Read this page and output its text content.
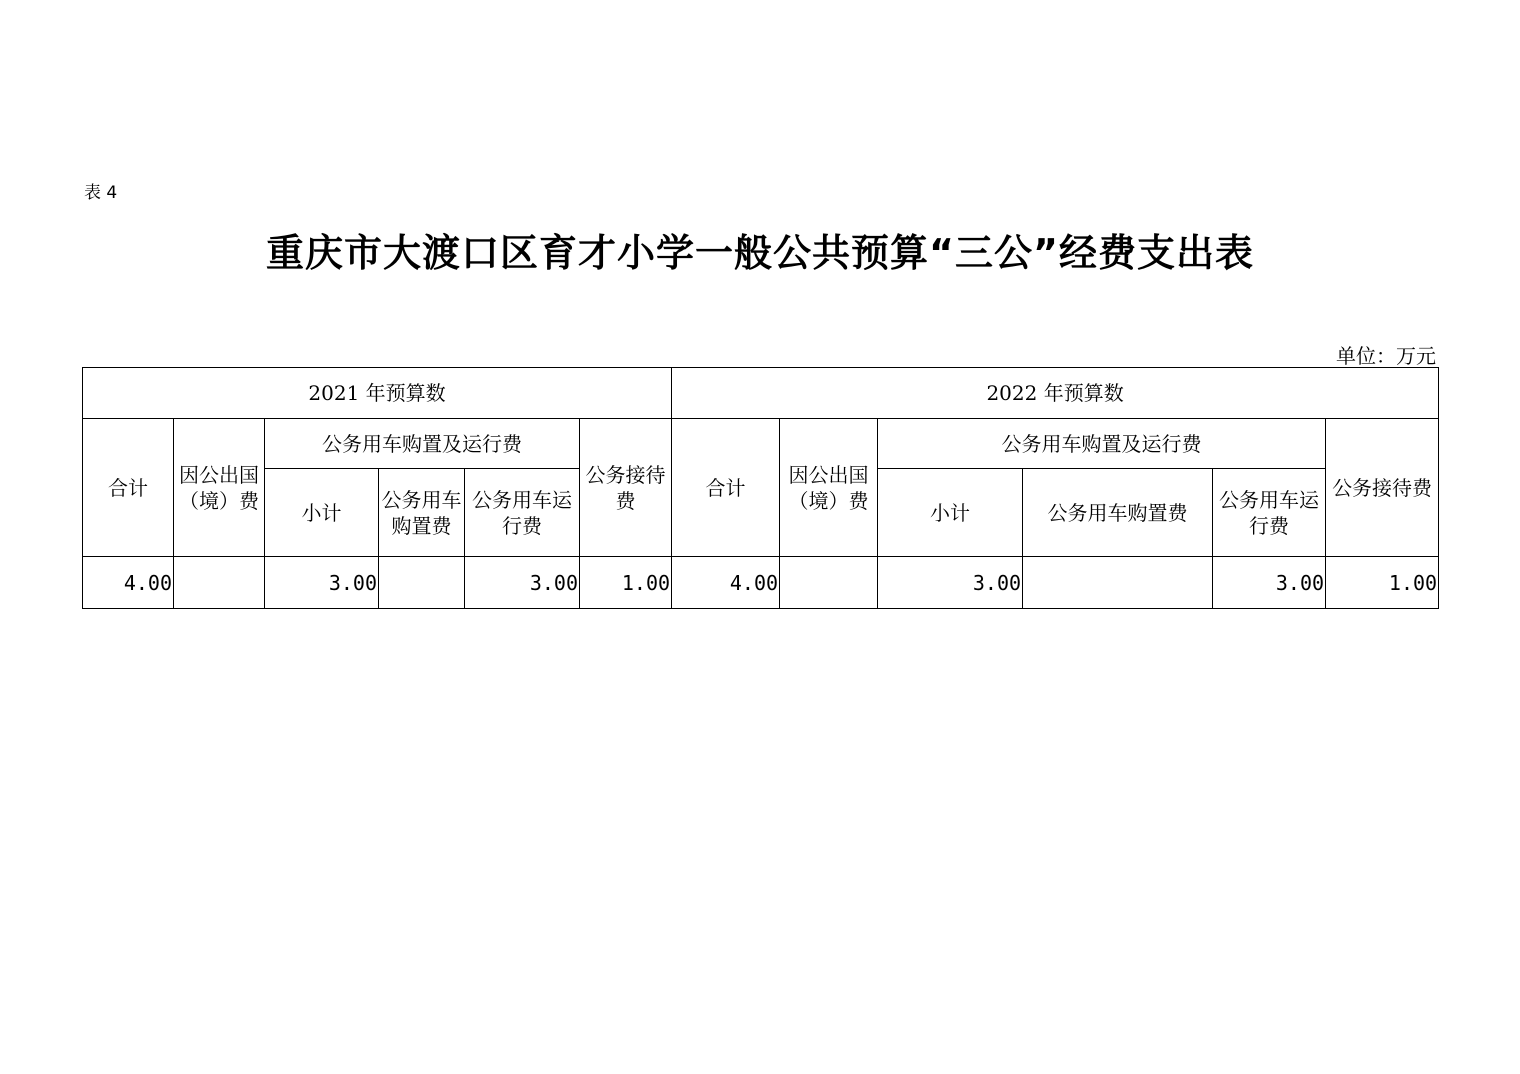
表 4
重庆市大渡口区育才小学一般公共预算“三公”经费支出表
单位：万元
2021 年预算数						2022 年预算数					
合计	因公出国（境）费	公务用车购置及运行费			公务接待费	合计	因公出国（境）费	公务用车购置及运行费			公务接待费
		小计	公务用车购置费	公务用车运行费				小计	公务用车购置费	公务用车运行费	
4.00		3.00		3.00	1.00	4.00		3.00		3.00	1.00
